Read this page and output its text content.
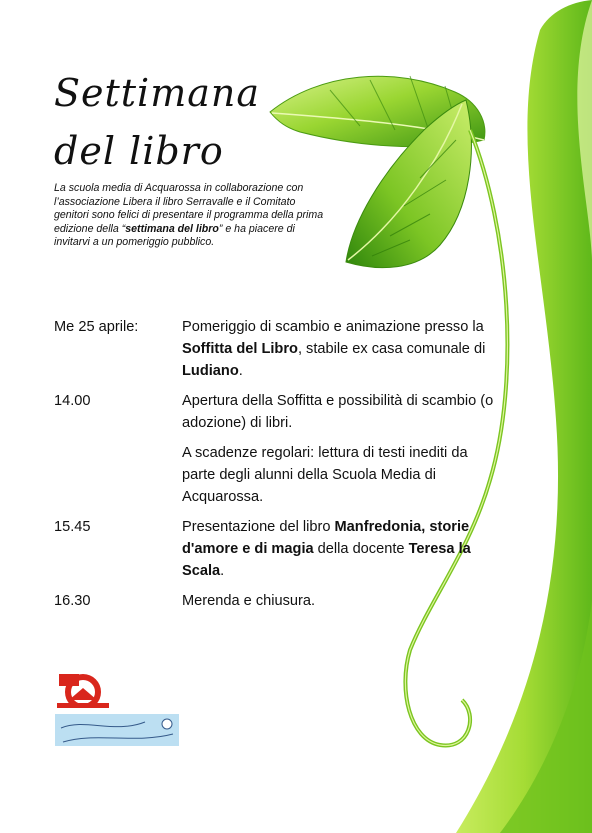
Settimana
del libro

La scuola media di Acquarossa in collaborazione con l’associazione Libera il libro Serravalle e il Comitato genitori sono felici di presentare il programma della prima edizione della “settimana del libro” e ha piacere di invitarvi a un pomeriggio pubblico.

Me 25 aprile:	Pomeriggio di scambio e animazione presso la Soffitta del Libro, stabile ex casa comunale di Ludiano.
14.00	Apertura della Soffitta e possibilità di scambio (o adozione) di libri.
A scadenze regolari: lettura di testi inediti da parte degli alunni della Scuola Media di Acquarossa.
15.45	Presentazione del libro Manfredonia, storie d'amore e di magia della docente Teresa la Scala.
16.30	Merenda e chiusura.
